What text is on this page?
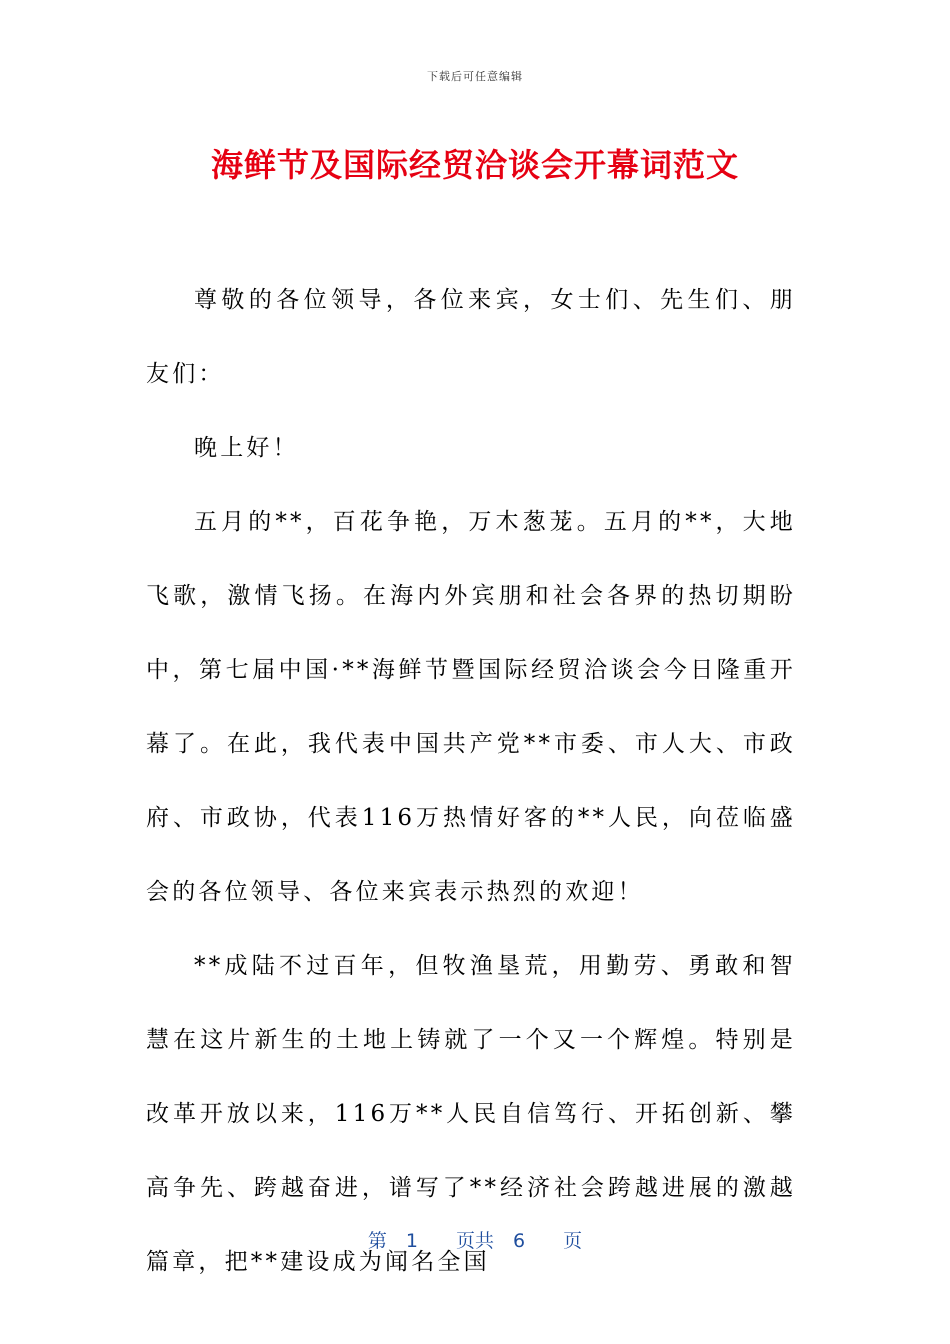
下载后可任意编辑
海鲜节及国际经贸洽谈会开幕词范文

尊敬的各位领导，各位来宾，女士们、先生们、朋友们：

晚上好！

五月的**，百花争艳，万木葱茏。五月的**，大地飞歌，激情飞扬。在海内外宾朋和社会各界的热切期盼中，第七届中国·**海鲜节暨国际经贸洽谈会今日隆重开幕了。在此，我代表中国共产党**市委、市人大、市政府、市政协，代表116万热情好客的**人民，向莅临盛会的各位领导、各位来宾表示热烈的欢迎！

**成陆不过百年，但牧渔垦荒，用勤劳、勇敢和智慧在这片新生的土地上铸就了一个又一个辉煌。特别是改革开放以来，116万**人民自信笃行、开拓创新、攀高争先、跨越奋进，谱写了**经济社会跨越进展的激越篇章，把**建设成为闻名全国

第　1　　页共　6　　页
